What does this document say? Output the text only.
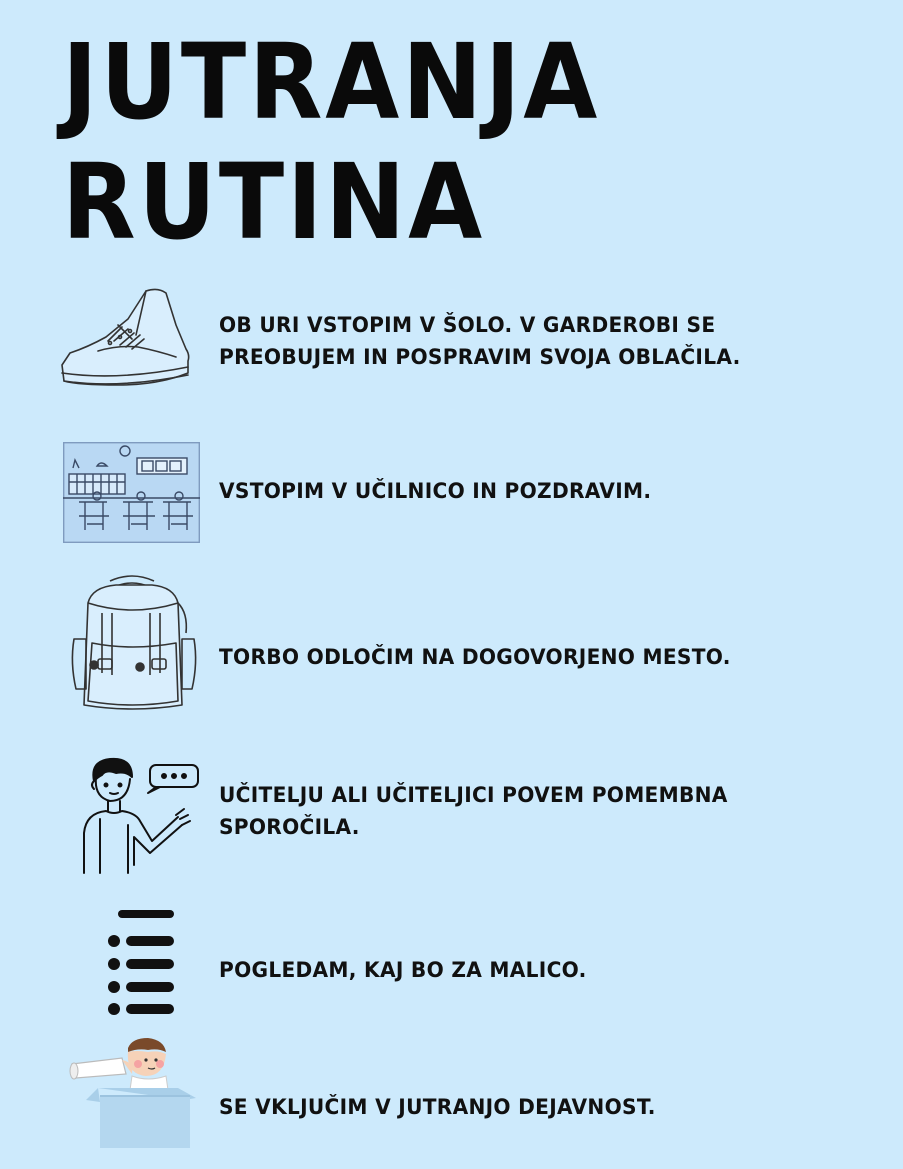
JUTRANJA
RUTINA
OB URI VSTOPIM V ŠOLO. V GARDEROBI SE
PREOBUJEM IN POSPRAVIM SVOJA OBLAČILA.
VSTOPIM V UČILNICO IN POZDRAVIM.
TORBO ODLOČIM NA DOGOVORJENO MESTO.
UČITELJU ALI UČITELJICI POVEM POMEMBNA
SPOROČILA.
POGLEDAM, KAJ BO ZA MALICO.
SE VKLJUČIM V JUTRANJO DEJAVNOST.
